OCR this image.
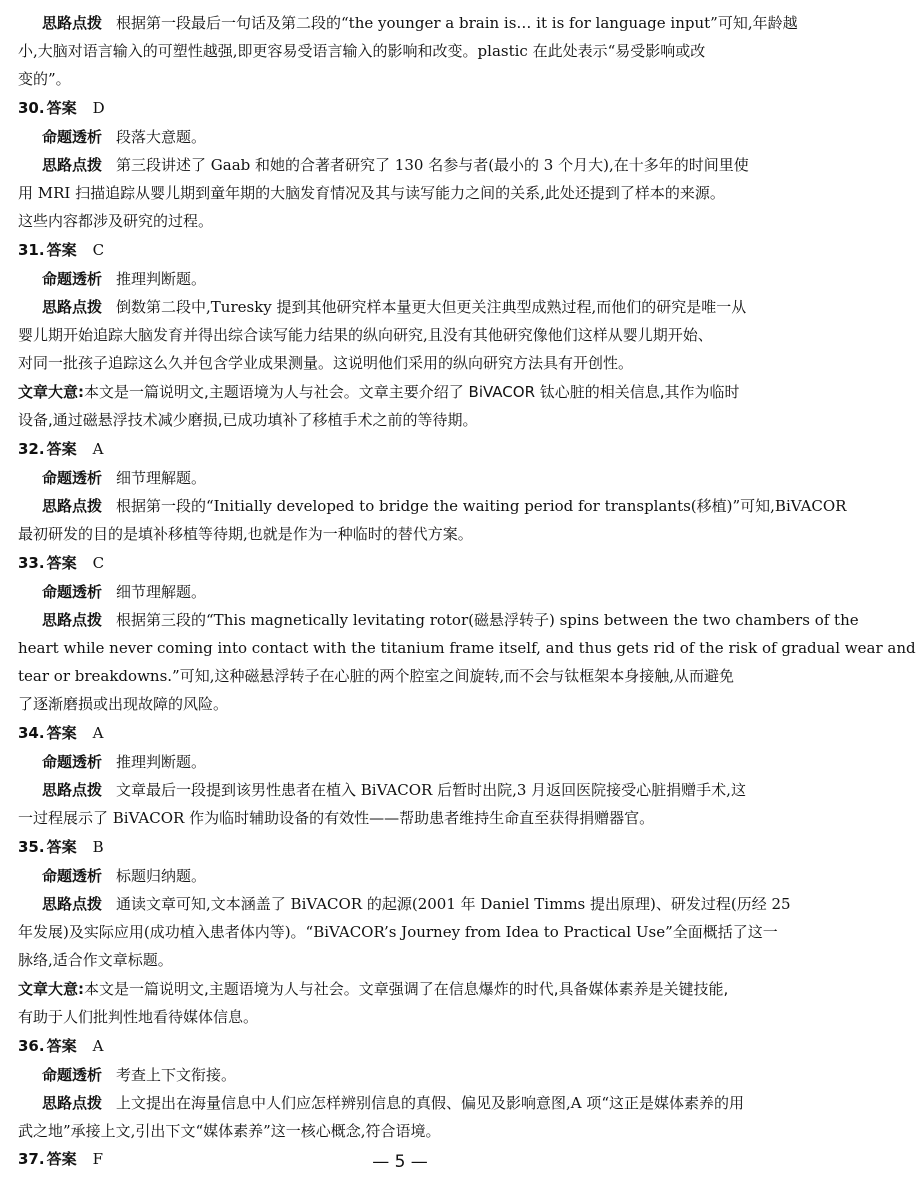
思路点拨 根据第一段最后一句话及第二段的“the younger a brain is… it is for language input”可知,年龄越
小,大脑对语言输入的可塑性越强,即更容易受语言输入的影响和改变。plastic 在此处表示“易受影响或改
变的”。
30. 答案 D
命题透析 段落大意题。
思路点拨 第三段讲述了 Gaab 和她的合著者研究了 130 名参与者(最小的 3 个月大),在十多年的时间里使
用 MRI 扫描追踪从婴儿期到童年期的大脑发育情况及其与读写能力之间的关系,此处还提到了样本的来源。
这些内容都涉及研究的过程。
31. 答案 C
命题透析 推理判断题。
思路点拨 倒数第二段中,Turesky 提到其他研究样本量更大但更关注典型成熟过程,而他们的研究是唯一从
婴儿期开始追踪大脑发育并得出综合读写能力结果的纵向研究,且没有其他研究像他们这样从婴儿期开始、
对同一批孩子追踪这么久并包含学业成果测量。这说明他们采用的纵向研究方法具有开创性。
文章大意:本文是一篇说明文,主题语境为人与社会。文章主要介绍了 BiVACOR 钛心脏的相关信息,其作为临时
设备,通过磁悬浮技术减少磨损,已成功填补了移植手术之前的等待期。
32. 答案 A
命题透析 细节理解题。
思路点拨 根据第一段的“Initially developed to bridge the waiting period for transplants(移植)”可知,BiVACOR
最初研发的目的是填补移植等待期,也就是作为一种临时的替代方案。
33. 答案 C
命题透析 细节理解题。
思路点拨 根据第三段的“This magnetically levitating rotor(磁悬浮转子) spins between the two chambers of the
heart while never coming into contact with the titanium frame itself, and thus gets rid of the risk of gradual wear and
tear or breakdowns.”可知,这种磁悬浮转子在心脏的两个腔室之间旋转,而不会与钛框架本身接触,从而避免
了逐渐磨损或出现故障的风险。
34. 答案 A
命题透析 推理判断题。
思路点拨 文章最后一段提到该男性患者在植入 BiVACOR 后暂时出院,3 月返回医院接受心脏捐赠手术,这
一过程展示了 BiVACOR 作为临时辅助设备的有效性——帮助患者维持生命直至获得捐赠器官。
35. 答案 B
命题透析 标题归纳题。
思路点拨 通读文章可知,文本涵盖了 BiVACOR 的起源(2001 年 Daniel Timms 提出原理)、研发过程(历经 25
年发展)及实际应用(成功植入患者体内等)。“BiVACOR’s Journey from Idea to Practical Use”全面概括了这一
脉络,适合作文章标题。
文章大意:本文是一篇说明文,主题语境为人与社会。文章强调了在信息爆炸的时代,具备媒体素养是关键技能,
有助于人们批判性地看待媒体信息。
36. 答案 A
命题透析 考查上下文衔接。
思路点拨 上文提出在海量信息中人们应怎样辨别信息的真假、偏见及影响意图,A 项“这正是媒体素养的用
武之地”承接上文,引出下文“媒体素养”这一核心概念,符合语境。
37. 答案 F	— 5 —
